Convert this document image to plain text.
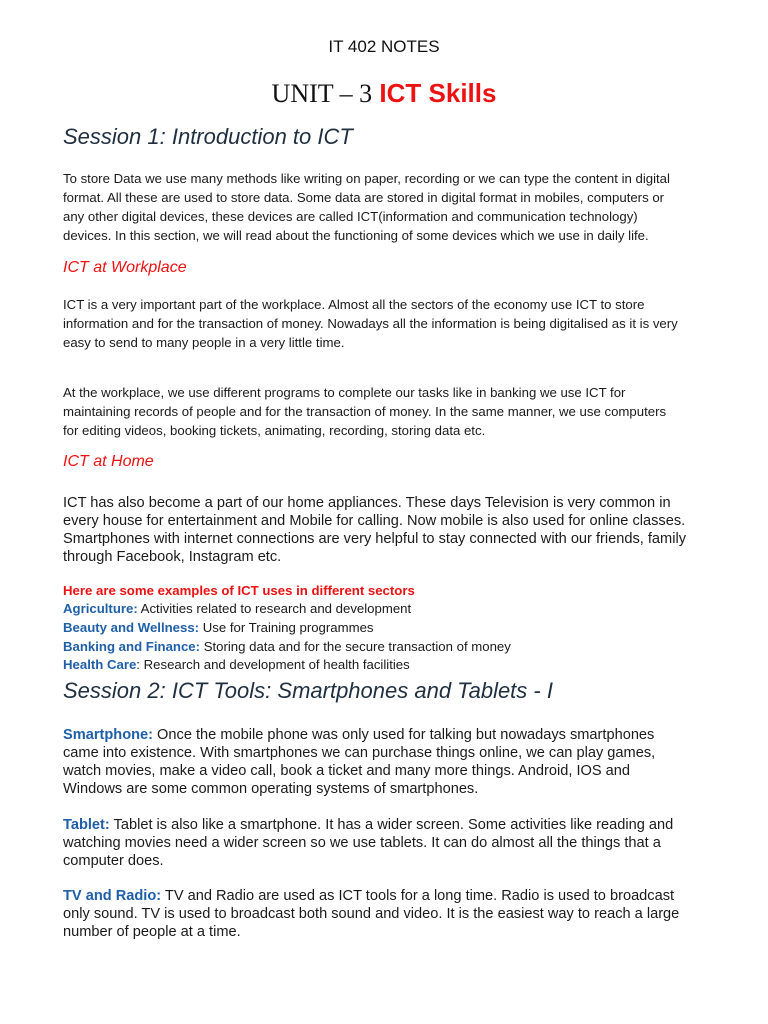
IT 402 NOTES
UNIT – 3 ICT Skills
Session 1: Introduction to ICT
To store Data we use many methods like writing on paper, recording or we can type the content in digital
format. All these are used to store data. Some data are stored in digital format in mobiles, computers or
any other digital devices, these devices are called ICT(information and communication technology)
devices. In this section, we will read about the functioning of some devices which we use in daily life.
ICT at Workplace
ICT is a very important part of the workplace. Almost all the sectors of the economy use ICT to store
information and for the transaction of money. Nowadays all the information is being digitalised as it is very
easy to send to many people in a very little time.
At the workplace, we use different programs to complete our tasks like in banking we use ICT for
maintaining records of people and for the transaction of money. In the same manner, we use computers
for editing videos, booking tickets, animating, recording, storing data etc.
ICT at Home
ICT has also become a part of our home appliances. These days Television is very common in
every house for entertainment and Mobile for calling. Now mobile is also used for online classes.
Smartphones with internet connections are very helpful to stay connected with our friends, family
through Facebook, Instagram etc.
Here are some examples of ICT uses in different sectors
Agriculture: Activities related to research and development
Beauty and Wellness: Use for Training programmes
Banking and Finance: Storing data and for the secure transaction of money
Health Care: Research and development of health facilities
Session 2: ICT Tools: Smartphones and Tablets - I
Smartphone: Once the mobile phone was only used for talking but nowadays smartphones
came into existence. With smartphones we can purchase things online, we can play games,
watch movies, make a video call, book a ticket and many more things. Android, IOS and
Windows are some common operating systems of smartphones.
Tablet: Tablet is also like a smartphone. It has a wider screen. Some activities like reading and
watching movies need a wider screen so we use tablets. It can do almost all the things that a
computer does.
TV and Radio: TV and Radio are used as ICT tools for a long time. Radio is used to broadcast
only sound. TV is used to broadcast both sound and video. It is the easiest way to reach a large
number of people at a time.
